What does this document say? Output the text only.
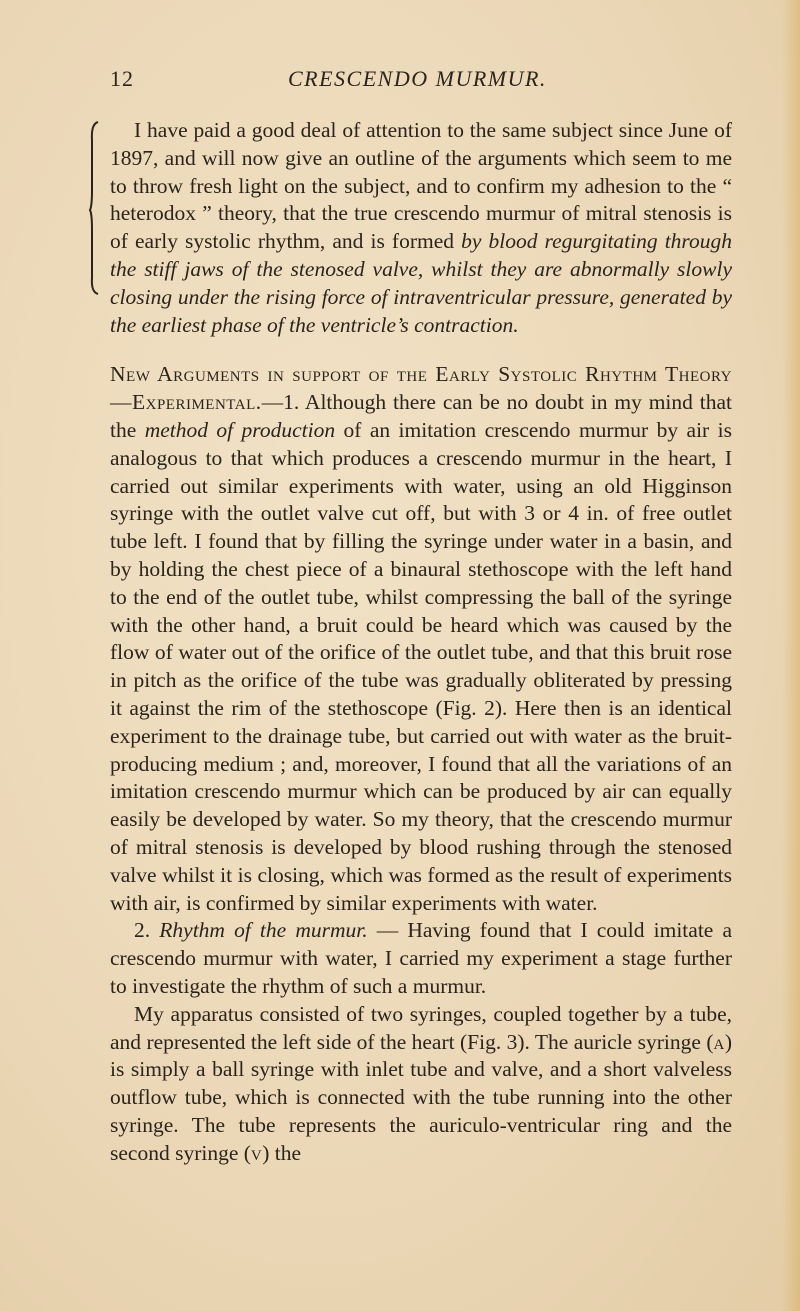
12	CRESCENDO MURMUR.

I have paid a good deal of attention to the same subject since June of 1897, and will now give an outline of the arguments which seem to me to throw fresh light on the subject, and to confirm my adhesion to the “ heterodox ” theory, that the true crescendo murmur of mitral stenosis is of early systolic rhythm, and is formed by blood regurgitating through the stiff jaws of the stenosed valve, whilst they are abnormally slowly closing under the rising force of intraventricular pressure, generated by the earliest phase of the ventricle’s contraction.

New Arguments in support of the Early Systolic Rhythm Theory—Experimental.—1. Although there can be no doubt in my mind that the method of production of an imitation crescendo murmur by air is analogous to that which produces a crescendo murmur in the heart, I carried out similar experiments with water, using an old Higginson syringe with the outlet valve cut off, but with 3 or 4 in. of free outlet tube left. I found that by filling the syringe under water in a basin, and by holding the chest piece of a binaural stethoscope with the left hand to the end of the outlet tube, whilst compressing the ball of the syringe with the other hand, a bruit could be heard which was caused by the flow of water out of the orifice of the outlet tube, and that this bruit rose in pitch as the orifice of the tube was gradually obliterated by pressing it against the rim of the stethoscope (Fig. 2). Here then is an identical experiment to the drainage tube, but carried out with water as the bruit-producing medium ; and, moreover, I found that all the variations of an imitation crescendo murmur which can be produced by air can equally easily be developed by water. So my theory, that the crescendo murmur of mitral stenosis is developed by blood rushing through the stenosed valve whilst it is closing, which was formed as the result of experiments with air, is confirmed by similar experiments with water.

2. Rhythm of the murmur. — Having found that I could imitate a crescendo murmur with water, I carried my experiment a stage further to investigate the rhythm of such a murmur.

My apparatus consisted of two syringes, coupled together by a tube, and represented the left side of the heart (Fig. 3). The auricle syringe (a) is simply a ball syringe with inlet tube and valve, and a short valveless outflow tube, which is connected with the tube running into the other syringe. The tube represents the auriculo-ventricular ring and the second syringe (v) the
